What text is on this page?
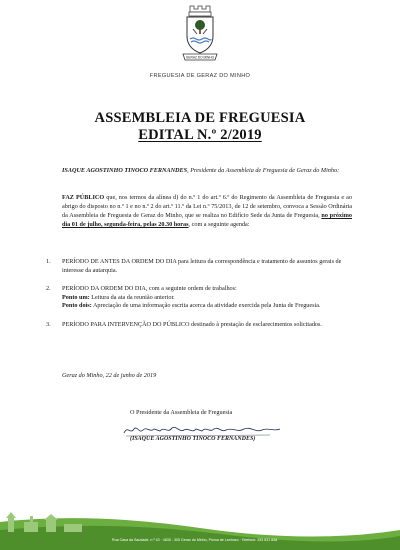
GERAZ DO MINHO
FREGUESIA DE GERAZ DO MINHO
ASSEMBLEIA DE FREGUESIA
EDITAL N.º 2/2019
ISAQUE AGOSTINHO TINOCO FERNANDES, Presidente da Assembleia de Freguesia de Geraz do Minho:
FAZ PÚBLICO que, nos termos da alínea d) do n.º 1 do art.º 6.º do Regimento da Assembleia de Freguesia e ao abrigo do disposto no n.º 1 e no n.º 2 do art.º 11.º da Lei n.º 75/2013, de 12 de setembro, convoca a Sessão Ordinária da Assembleia de Freguesia de Geraz do Minho, que se realiza no Edifício Sede da Junta de Freguesia, no próximo dia 01 de julho, segunda-feira, pelas 20.30 horas, com a seguinte agenda:
1. PERÍODO DE ANTES DA ORDEM DO DIA para leitura da correspondência e tratamento de assuntos gerais de interesse da autarquia.
2. PERÍODO DA ORDEM DO DIA, com a seguinte ordem de trabalhos:
Ponto um: Leitura da ata da reunião anterior.
Ponto dois: Apreciação de uma informação escrita acerca da atividade exercida pela Junta de Freguesia.
3. PERÍODO PARA INTERVENÇÃO DO PÚBLICO destinado à prestação de esclarecimentos solicitados.
Geraz do Minho, 22 de junho de 2019
O Presidente da Assembleia de Freguesia
(ISAQUE AGOSTINHO TINOCO FERNANDES)
Rua Casa da Saudade, n.º 43 · 4830 - 305 Geraz do Minho, Póvoa de Lanhoso · Telefone: 253 631 848
